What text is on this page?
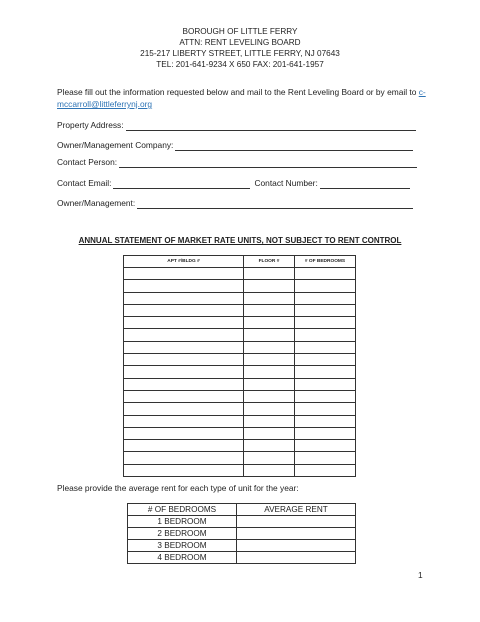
BOROUGH OF LITTLE FERRY
ATTN: RENT LEVELING BOARD
215-217 LIBERTY STREET, LITTLE FERRY, NJ 07643
TEL: 201-641-9234 X 650 FAX: 201-641-1957
Please fill out the information requested below and mail to the Rent Leveling Board or by email to c-mccarroll@littleferrynj.org
Property Address:
Owner/Management Company:
Contact Person:
Contact Email:	Contact Number:
Owner/Management:
ANNUAL STATEMENT OF MARKET RATE UNITS, NOT SUBJECT TO RENT CONTROL
APT #/BLDG #	FLOOR #	# OF BEDROOMS

Please provide the average rent for each type of unit for the year:
# OF BEDROOMS	AVERAGE RENT
1 BEDROOM	
2 BEDROOM	
3 BEDROOM	
4 BEDROOM	
1
